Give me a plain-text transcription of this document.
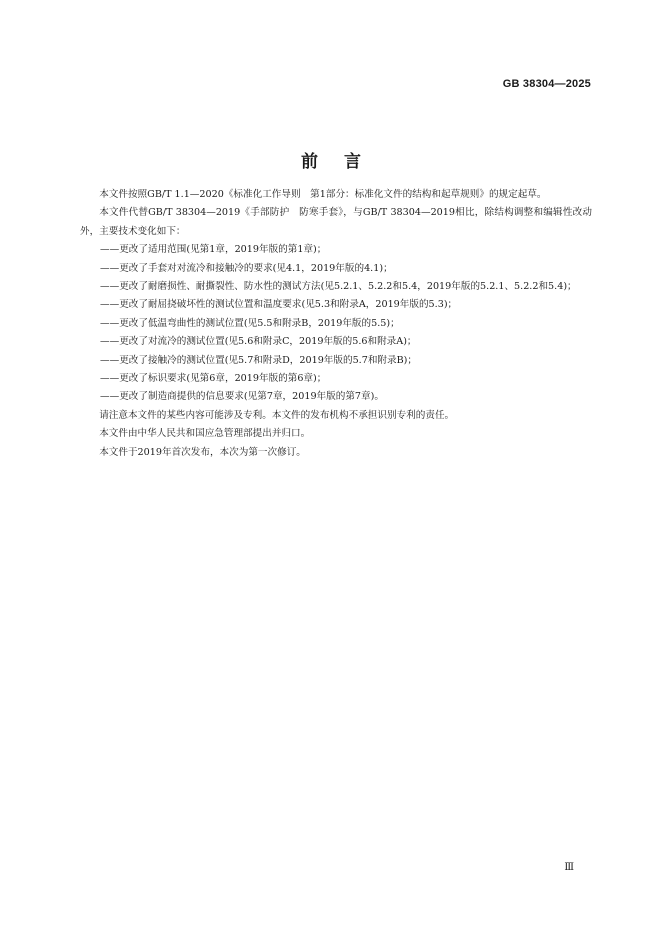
GB 38304—2025
前言

本文件按照GB/T 1.1—2020《标准化工作导则　第1部分：标准化文件的结构和起草规则》的规定起草。

本文件代替GB/T 38304—2019《手部防护　防寒手套》，与GB/T 38304—2019相比，除结构调整和编辑性改动外，主要技术变化如下：

——更改了适用范围(见第1章，2019年版的第1章)；
——更改了手套对对流冷和接触冷的要求(见4.1，2019年版的4.1)；
——更改了耐磨损性、耐撕裂性、防水性的测试方法(见5.2.1、5.2.2和5.4，2019年版的5.2.1、5.2.2和5.4)；
——更改了耐屈挠破坏性的测试位置和温度要求(见5.3和附录A，2019年版的5.3)；
——更改了低温弯曲性的测试位置(见5.5和附录B，2019年版的5.5)；
——更改了对流冷的测试位置(见5.6和附录C，2019年版的5.6和附录A)；
——更改了接触冷的测试位置(见5.7和附录D，2019年版的5.7和附录B)；
——更改了标识要求(见第6章，2019年版的第6章)；
——更改了制造商提供的信息要求(见第7章，2019年版的第7章)。

请注意本文件的某些内容可能涉及专利。本文件的发布机构不承担识别专利的责任。

本文件由中华人民共和国应急管理部提出并归口。

本文件于2019年首次发布，本次为第一次修订。

Ⅲ
